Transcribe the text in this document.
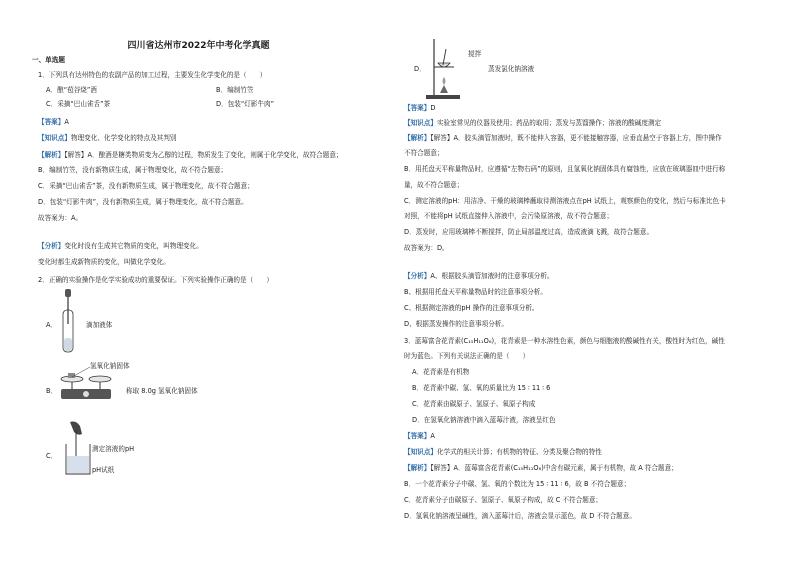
四川省达州市2022年中考化学真题
一、单选题
1．下列具有达州特色的农副产品的加工过程，主要发生化学变化的是（　　）
A．酿“苞谷烧”酒	B．编制竹笠
C．采摘“巴山雀舌”茶	D．包装“灯影牛肉”
【答案】A
【知识点】物理变化、化学变化的特点及其判别
【解析】【解答】A．酿酒是糖类物质变为乙醇的过程，物质发生了变化，则属于化学变化，故符合题意；
B．编制竹笠，没有新物质生成，属于物理变化，故不符合题意；
C．采摘“巴山雀舌”茶，没有新物质生成，属于物理变化，故不符合题意；
D．包装“灯影牛肉”，没有新物质生成，属于物理变化，故不符合题意。
故答案为：A。
【分析】变化时没有生成其它物质的变化，叫物理变化。
变化时都生成新物质的变化，叫做化学变化。
2．正确的实验操作是化学实验成功的重要保证。下列实验操作正确的是（　　）
A．	滴加液体
B．
氢氧化钠固体
称取 8.0g 氢氧化钠固体
C．
测定溶液的pH
pH试纸
D．
搅拌
蒸发氯化钠溶液
【答案】D
【知识点】实验室常见的仪器及使用；药品的取用；蒸发与蒸馏操作；溶液的酸碱度测定
【解析】【解答】A．胶头滴管加液时，既不能伸入容器，更不能接触容器，应垂直悬空于容器上方，图中操作
不符合题意；
B．用托盘天平称量物品时，应遵循“左物右码”的原则，且氢氧化钠固体具有腐蚀性，应放在玻璃器皿中进行称
量，故不符合题意；
C．测定溶液的pH：用洁净、干燥的玻璃棒蘸取待测溶液点在pH 试纸上，观察颜色的变化，然后与标准比色卡
对照，不能将pH 试纸直接伸入溶液中，会污染原溶液，故不符合题意；
D．蒸发时，应用玻璃棒不断搅拌，防止局部温度过高，造成液滴飞溅，故符合题意。
故答案为：D。
【分析】A、根据胶头滴管加液时的注意事项分析。
B、根据用托盘天平称量物品时的注意事项分析。
C、根据测定溶液的pH 操作的注意事项分析。
D、根据蒸发操作的注意事项分析。
3．蓝莓富含花青素(C₁₅H₁₁O₆)，花青素是一种水溶性色素，颜色与细胞液的酸碱性有关，酸性时为红色，碱性
时为蓝色。下列有关说法正确的是（　　）
A．花青素是有机物
B．花青素中碳、氢、氧的质量比为 15 ∶ 11 ∶ 6
C．花青素由碳原子、氢原子、氧原子构成
D．在氢氧化钠溶液中滴入蓝莓汁液，溶液呈红色
【答案】A
【知识点】化学式的相关计算；有机物的特征、分类及聚合物的特性
【解析】【解答】A．蓝莓富含花青素(C₁₅H₁₁O₆)中含有碳元素，属于有机物，故 A 符合题意；
B．一个花青素分子中碳、氢、氧的个数比为 15 ∶ 11 ∶ 6，故 B 不符合题意；
C．花青素分子由碳原子、氢原子、氧原子构成，故 C 不符合题意；
D．氢氧化钠溶液呈碱性，滴入蓝莓汁后，溶液会显示蓝色，故 D 不符合题意。
